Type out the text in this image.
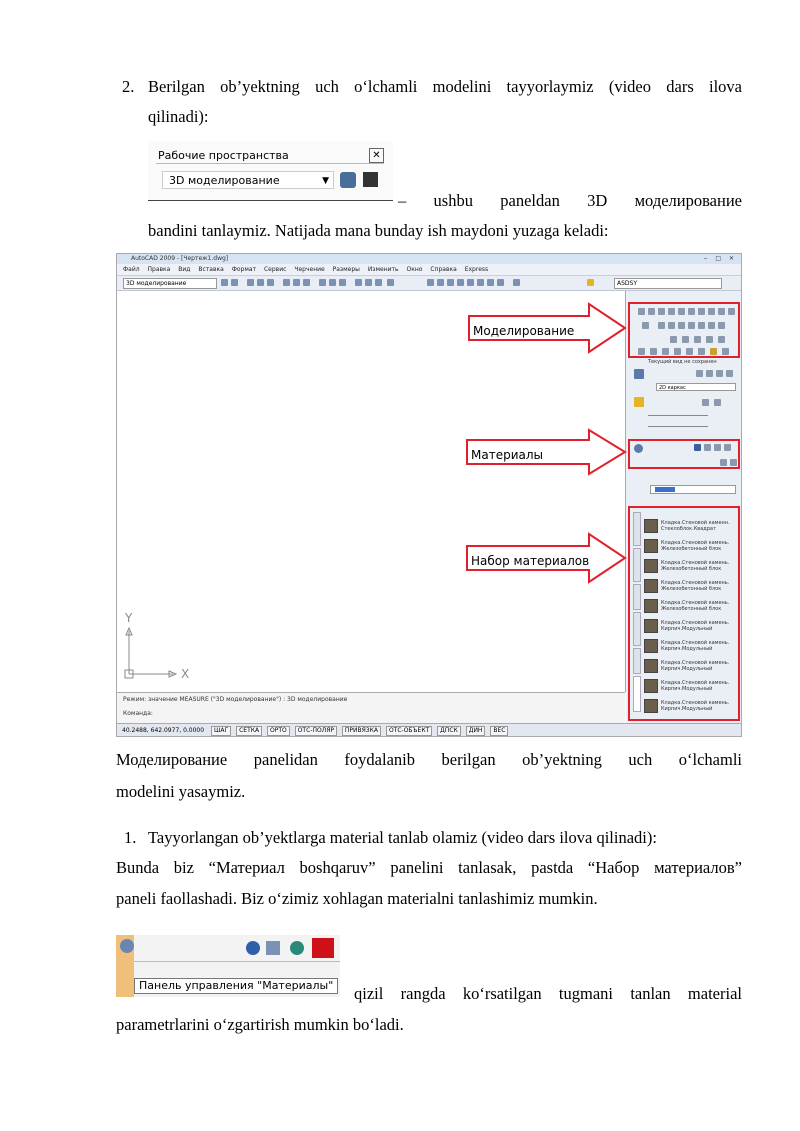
2. Berilgan ob’yektning uch o‘lchamli modelini tayyorlaymiz (video dars ilova
qilinadi):
Рабочие пространства	✕
3D моделирование	▼
– ushbu paneldan 3D моделирование
bandini tanlaymiz. Natijada mana bunday ish maydoni yuzaga keladi:
AutoCAD 2009 - [Чертеж1.dwg]	‒ □ ✕
Файл Правка Вид Вставка Формат Сервис Черчение Размеры Изменить Окно Справка Express
3D моделирование	ASDSY
Y
X
Режим: значение MEASURE ("3D моделирование") : 3D моделирование
Команда:
40.2488, 642.0977, 0.0000 ШАГ СЕТКА ОРТО ОТС-ПОЛЯР ПРИВЯЗКА ОТС-ОБЪЕКТ ДПСК ДИН ВЕС
Текущий вид не сохранен
2D каркас
Кладка.Стеновой каменн. Стеклоблок.Квадрат
Кладка.Стеновой камень. Железобетонный блок
Кладка.Стеновой камень. Железобетонный блок
Кладка.Стеновой камень. Железобетонный блок
Кладка.Стеновой камень. Железобетонный блок
Кладка.Стеновой камень. Кирпич.Модульный
Кладка.Стеновой камень. Кирпич.Модульный
Кладка.Стеновой камень. Кирпич.Модульный
Кладка.Стеновой камень. Кирпич.Модульный
Кладка.Стеновой камень. Кирпич.Модульный
Моделирование
Материалы
Набор материалов
Моделирование panelidan foydalanib berilgan ob’yektning uch o‘lchamli
modelini yasaymiz.
1. Tayyorlangan ob’yektlarga material tanlab olamiz (video dars ilova qilinadi):
Bunda biz “Материал boshqaruv” panelini tanlasak, pastda “Набор материалов”
paneli faollashadi. Biz o‘zimiz xohlagan materialni tanlashimiz mumkin.
Панель управления "Материалы"	qizil rangda ko‘rsatilgan tugmani tanlan material
parametrlarini o‘zgartirish mumkin bo‘ladi.
